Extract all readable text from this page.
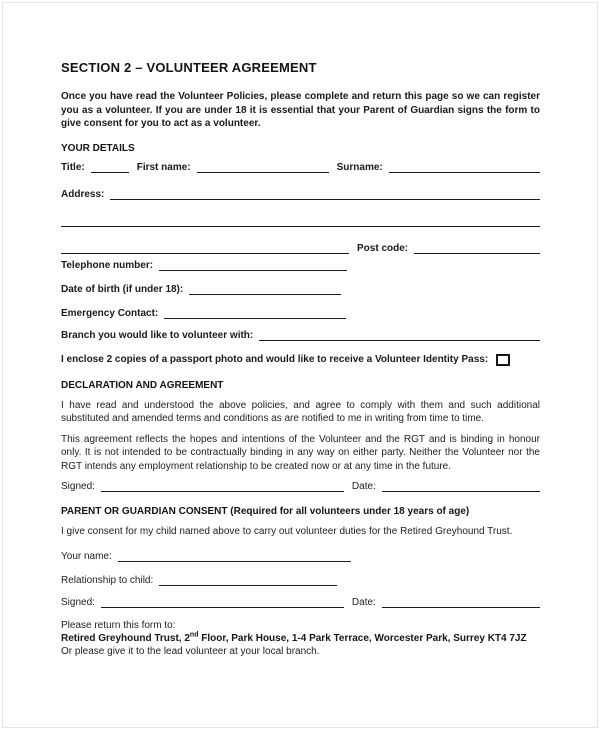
SECTION 2 – VOLUNTEER AGREEMENT

Once you have read the Volunteer Policies, please complete and return this page so we can register you as a volunteer. If you are under 18 it is essential that your Parent of Guardian signs the form to give consent for you to act as a volunteer.

YOUR DETAILS
Title:	First name:	Surname:
Address:
Post code:
Telephone number:
Date of birth (if under 18):
Emergency Contact:
Branch you would like to volunteer with:
I enclose 2 copies of a passport photo and would like to receive a Volunteer Identity Pass:
DECLARATION AND AGREEMENT

I have read and understood the above policies, and agree to comply with them and such additional substituted and amended terms and conditions as are notified to me in writing from time to time.

This agreement reflects the hopes and intentions of the Volunteer and the RGT and is binding in honour only. It is not intended to be contractually binding in any way on either party. Neither the Volunteer nor the RGT intends any employment relationship to be created now or at any time in the future.

Signed:	Date:
PARENT OR GUARDIAN CONSENT (Required for all volunteers under 18 years of age)

I give consent for my child named above to carry out volunteer duties for the Retired Greyhound Trust.

Your name:
Relationship to child:
Signed:	Date:
Please return this form to:
Retired Greyhound Trust, 2nd Floor, Park House, 1-4 Park Terrace, Worcester Park, Surrey KT4 7JZ
Or please give it to the lead volunteer at your local branch.
